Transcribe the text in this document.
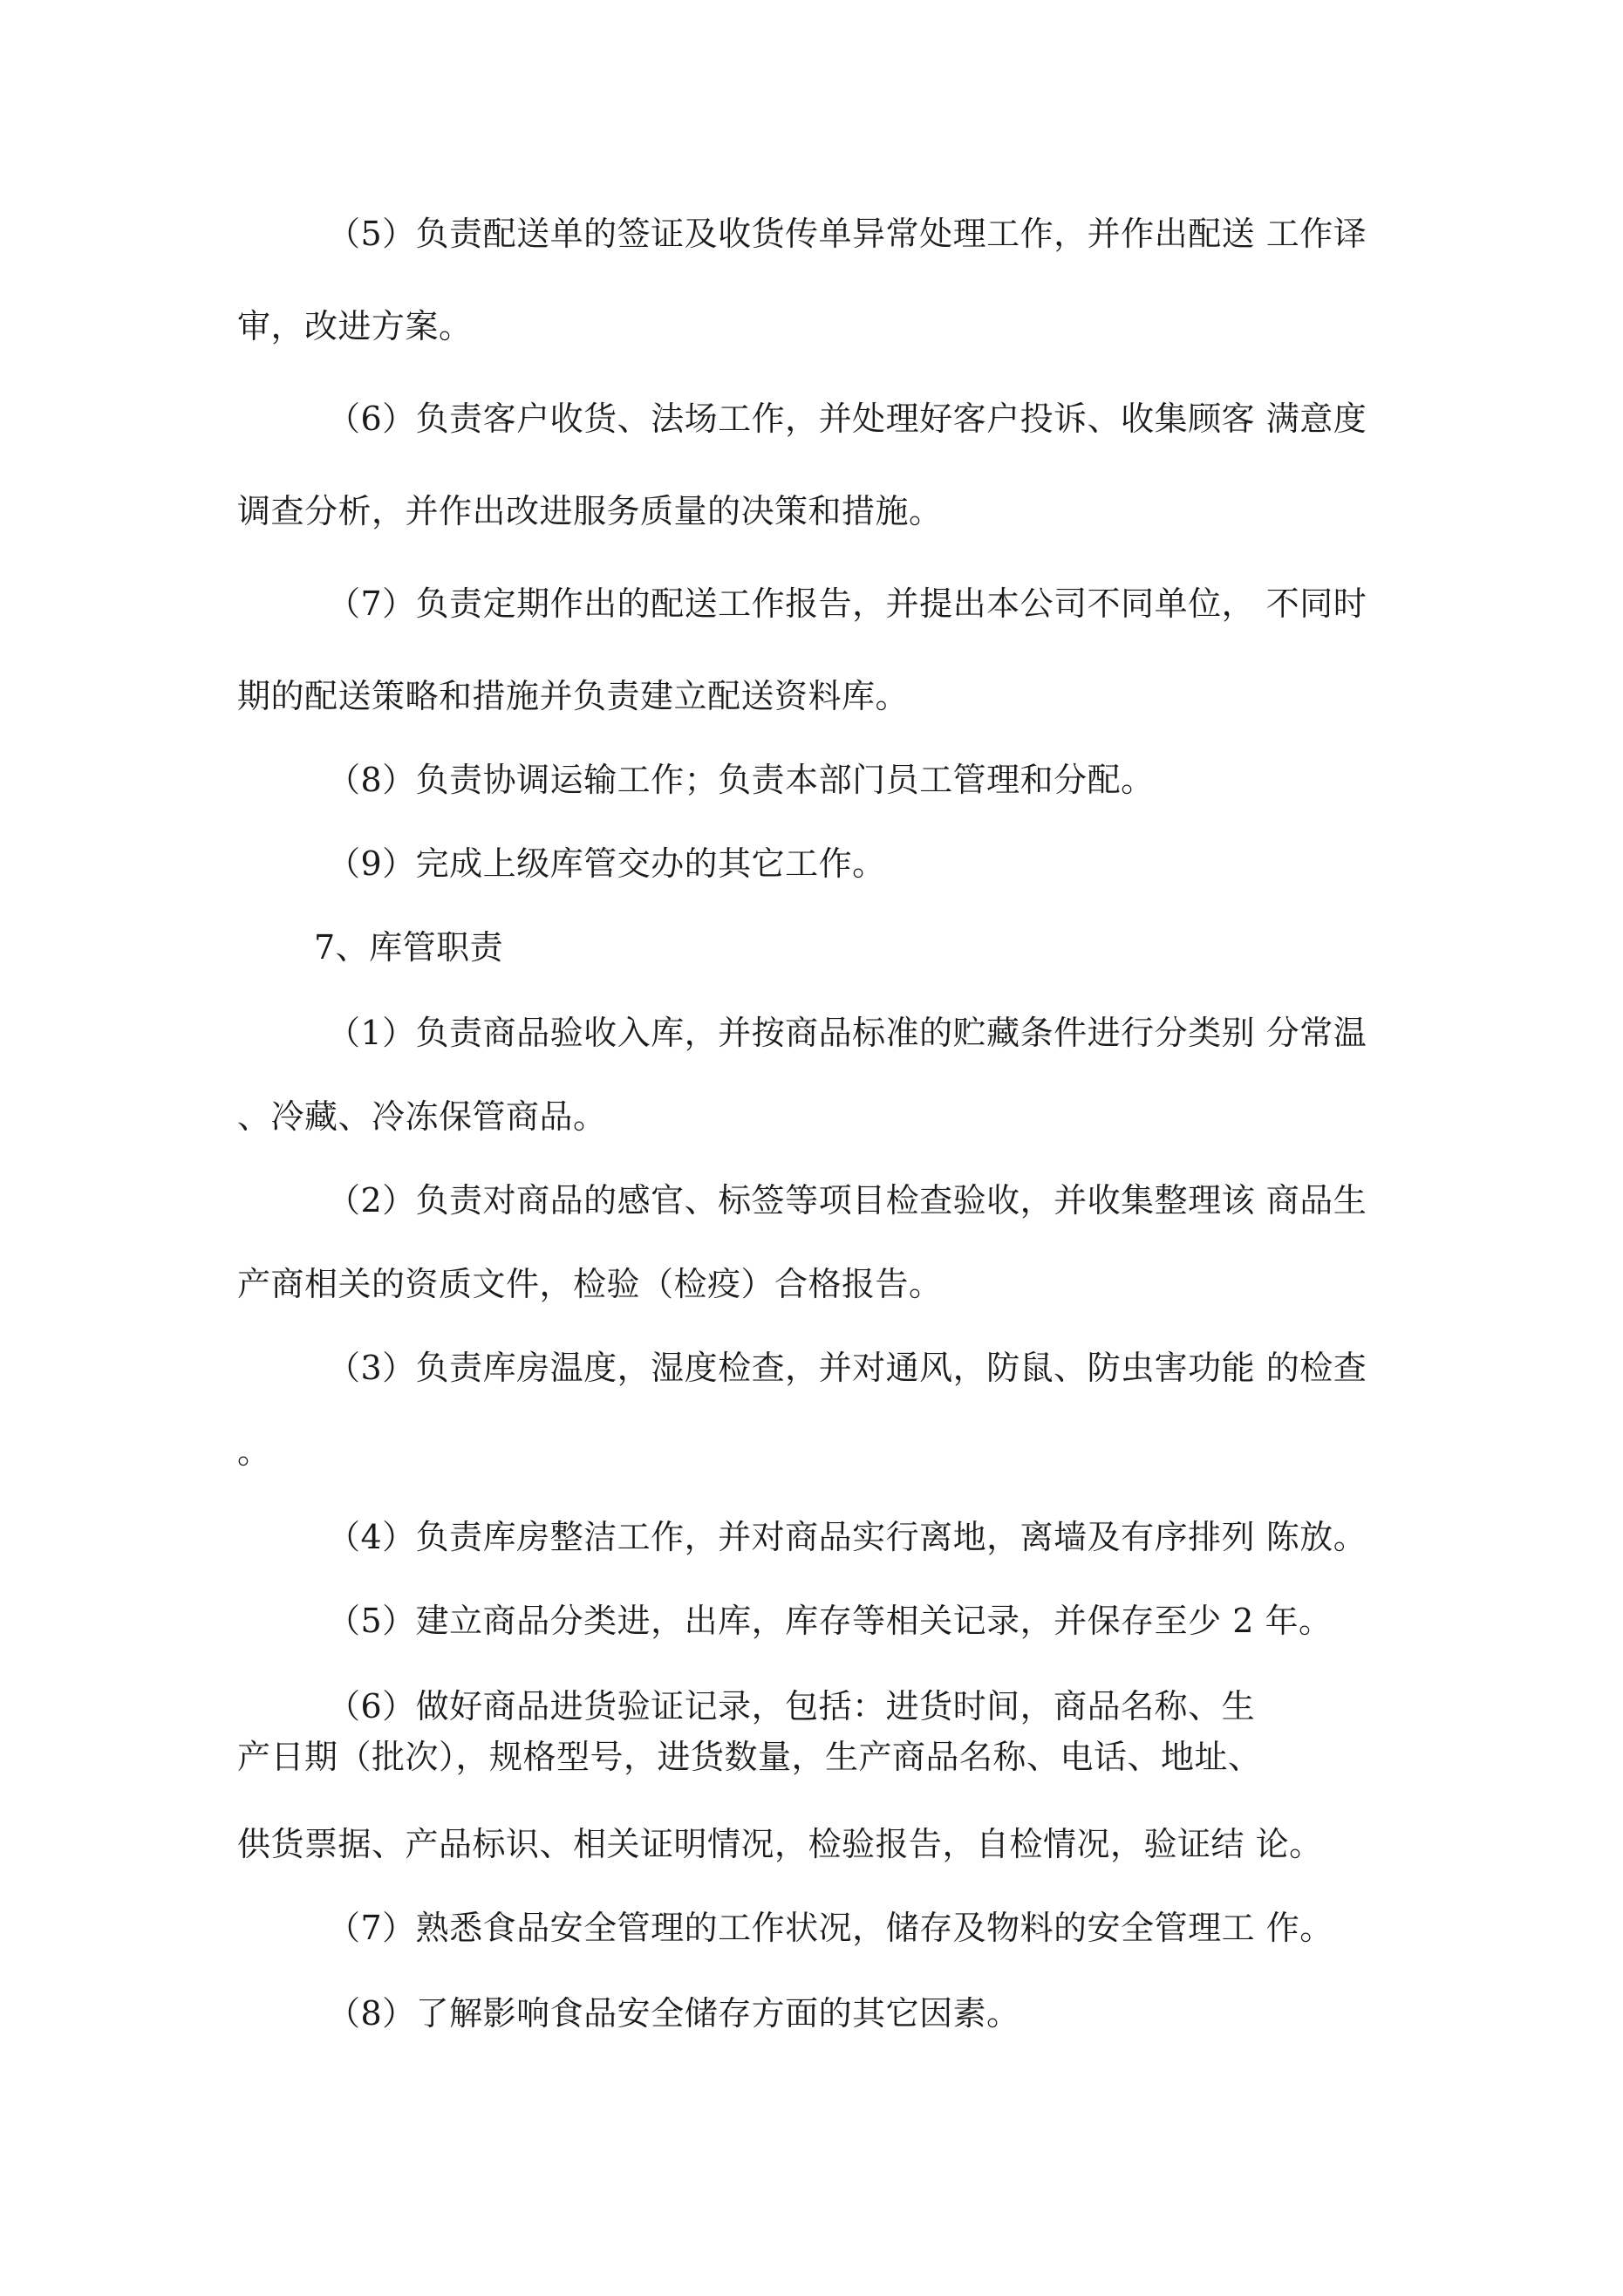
（5）负责配送单的签证及收货传单异常处理工作，并作出配送 工作译
审，改进方案。
（6）负责客户收货、法场工作，并处理好客户投诉、收集顾客 满意度
调查分析，并作出改进服务质量的决策和措施。
（7）负责定期作出的配送工作报告，并提出本公司不同单位， 不同时
期的配送策略和措施并负责建立配送资料库。
（8）负责协调运输工作；负责本部门员工管理和分配。
（9）完成上级库管交办的其它工作。
7、库管职责
（1）负责商品验收入库，并按商品标准的贮藏条件进行分类别 分常温
、冷藏、冷冻保管商品。
（2）负责对商品的感官、标签等项目检查验收，并收集整理该 商品生
产商相关的资质文件，检验（检疫）合格报告。
（3）负责库房温度，湿度检查，并对通风，防鼠、防虫害功能 的检查
。
（4）负责库房整洁工作，并对商品实行离地，离墙及有序排列 陈放。
（5）建立商品分类进，出库，库存等相关记录，并保存至少 2 年。
（6）做好商品进货验证记录，包括：进货时间，商品名称、生
产日期（批次），规格型号，进货数量，生产商品名称、电话、地址、
供货票据、产品标识、相关证明情况，检验报告，自检情况，验证结 论。
（7）熟悉食品安全管理的工作状况，储存及物料的安全管理工 作。
（8）了解影响食品安全储存方面的其它因素。
